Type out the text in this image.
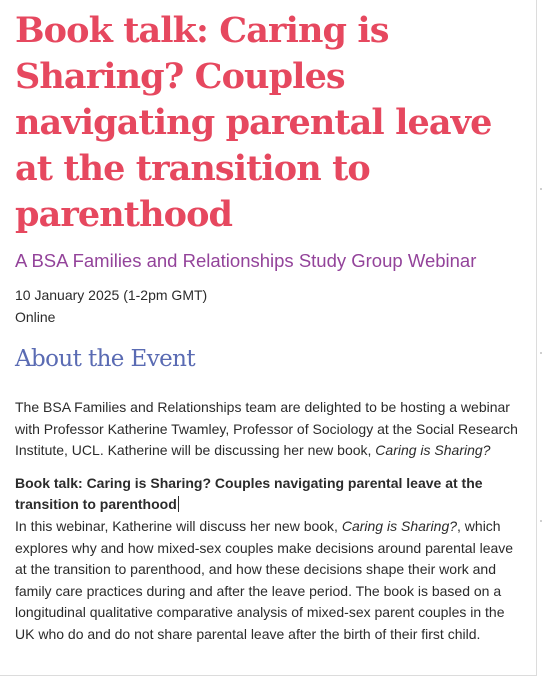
Book talk: Caring is Sharing? Couples navigating parental leave at the transition to parenthood
A BSA Families and Relationships Study Group Webinar
10 January 2025 (1-2pm GMT)
Online
About the Event

The BSA Families and Relationships team are delighted to be hosting a webinar with Professor Katherine Twamley, Professor of Sociology at the Social Research Institute, UCL. Katherine will be discussing her new book, Caring is Sharing?

Book talk: Caring is Sharing? Couples navigating parental leave at the transition to parenthood
In this webinar, Katherine will discuss her new book, Caring is Sharing?, which explores why and how mixed-sex couples make decisions around parental leave at the transition to parenthood, and how these decisions shape their work and family care practices during and after the leave period. The book is based on a longitudinal qualitative comparative analysis of mixed-sex parent couples in the UK who do and do not share parental leave after the birth of their first child.
